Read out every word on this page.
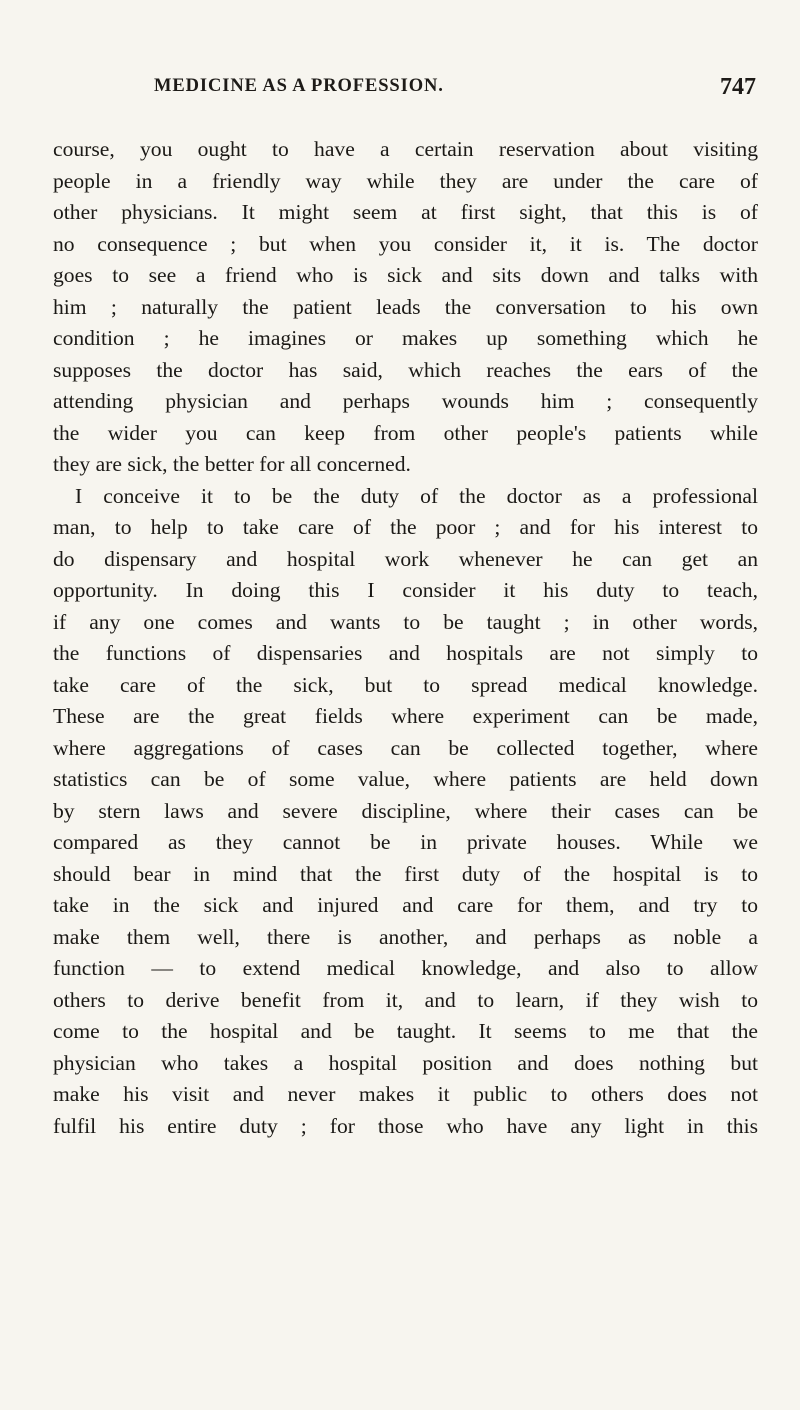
MEDICINE AS A PROFESSION.	747
course, you ought to have a certain reservation about visiting
people in a friendly way while they are under the care of
other physicians. It might seem at first sight, that this is of
no consequence ; but when you consider it, it is. The doctor
goes to see a friend who is sick and sits down and talks with
him ; naturally the patient leads the conversation to his own
condition ; he imagines or makes up something which he
supposes the doctor has said, which reaches the ears of the
attending physician and perhaps wounds him ; consequently
the wider you can keep from other people's patients while
they are sick, the better for all concerned.
I conceive it to be the duty of the doctor as a professional
man, to help to take care of the poor ; and for his interest to
do dispensary and hospital work whenever he can get an
opportunity. In doing this I consider it his duty to teach,
if any one comes and wants to be taught ; in other words,
the functions of dispensaries and hospitals are not simply to
take care of the sick, but to spread medical knowledge.
These are the great fields where experiment can be made,
where aggregations of cases can be collected together, where
statistics can be of some value, where patients are held down
by stern laws and severe discipline, where their cases can be
compared as they cannot be in private houses. While we
should bear in mind that the first duty of the hospital is to
take in the sick and injured and care for them, and try to
make them well, there is another, and perhaps as noble a
function — to extend medical knowledge, and also to allow
others to derive benefit from it, and to learn, if they wish to
come to the hospital and be taught. It seems to me that the
physician who takes a hospital position and does nothing but
make his visit and never makes it public to others does not
fulfil his entire duty ; for those who have any light in this
